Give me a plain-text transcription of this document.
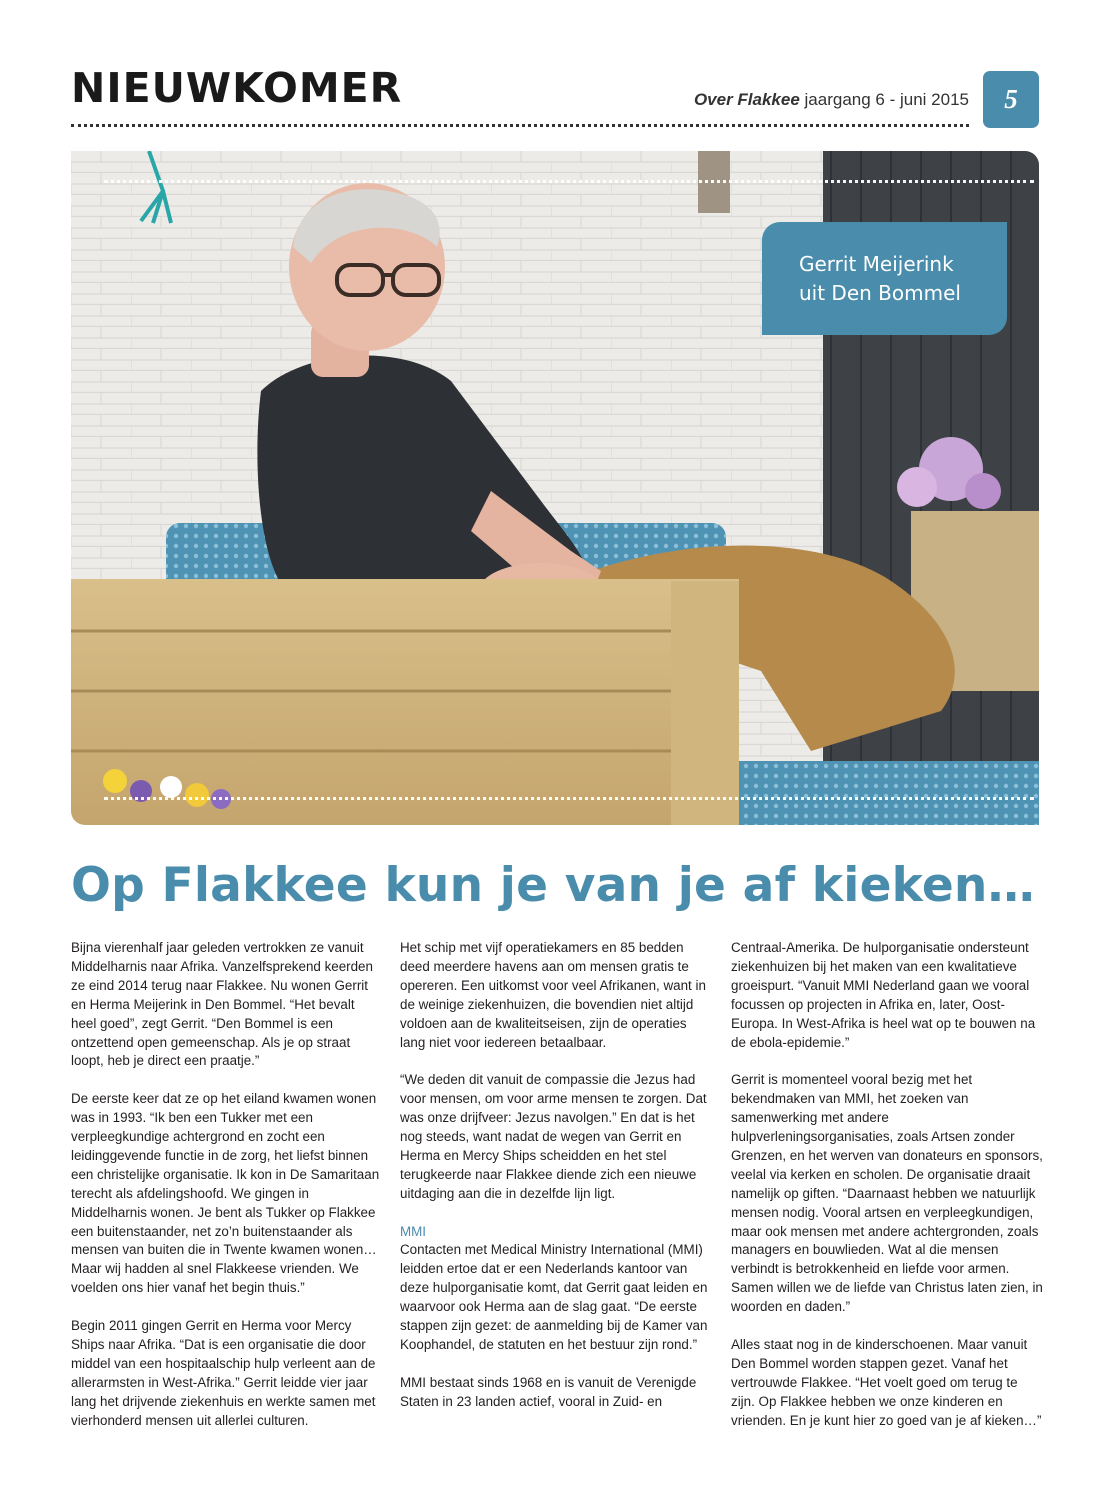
NIEUWKOMER	Over Flakkee jaargang 6 - juni 2015	5
Gerrit Meijerink
uit Den Bommel
Op Flakkee kun je van je af kieken…

Bijna vierenhalf jaar geleden vertrokken ze vanuit Middelharnis naar Afrika. Vanzelfsprekend keerden ze eind 2014 terug naar Flakkee. Nu wonen Gerrit en Herma Meijerink in Den Bommel. “Het bevalt heel goed”, zegt Gerrit. “Den Bommel is een ontzettend open gemeenschap. Als je op straat loopt, heb je direct een praatje.”

De eerste keer dat ze op het eiland kwamen wonen was in 1993. “Ik ben een Tukker met een verpleegkundige achtergrond en zocht een leidinggevende functie in de zorg, het liefst binnen een christelijke organisatie. Ik kon in De Samaritaan terecht als afdelingshoofd. We gingen in Middelharnis wonen. Je bent als Tukker op Flakkee een buitenstaander, net zo’n buitenstaander als mensen van buiten die in Twente kwamen wonen… Maar wij hadden al snel Flakkeese vrienden. We voelden ons hier vanaf het begin thuis.”

Begin 2011 gingen Gerrit en Herma voor Mercy Ships naar Afrika. “Dat is een organisatie die door middel van een hospitaalschip hulp verleent aan de allerarmsten in West-Afrika.” Gerrit leidde vier jaar lang het drijvende ziekenhuis en werkte samen met vierhonderd mensen uit allerlei culturen.

Het schip met vijf operatiekamers en 85 bedden deed meerdere havens aan om mensen gratis te opereren. Een uitkomst voor veel Afrikanen, want in de weinige ziekenhuizen, die bovendien niet altijd voldoen aan de kwaliteitseisen, zijn de operaties lang niet voor iedereen betaalbaar.

“We deden dit vanuit de compassie die Jezus had voor mensen, om voor arme mensen te zorgen. Dat was onze drijfveer: Jezus navolgen.” En dat is het nog steeds, want nadat de wegen van Gerrit en Herma en Mercy Ships scheidden en het stel terugkeerde naar Flakkee diende zich een nieuwe uitdaging aan die in dezelfde lijn ligt.

MMI

Contacten met Medical Ministry International (MMI) leidden ertoe dat er een Nederlands kantoor van deze hulporganisatie komt, dat Gerrit gaat leiden en waarvoor ook Herma aan de slag gaat. “De eerste stappen zijn gezet: de aanmelding bij de Kamer van Koophandel, de statuten en het bestuur zijn rond.”

MMI bestaat sinds 1968 en is vanuit de Verenigde Staten in 23 landen actief, vooral in Zuid- en

Centraal-Amerika. De hulporganisatie ondersteunt ziekenhuizen bij het maken van een kwalitatieve groeispurt. “Vanuit MMI Nederland gaan we vooral focussen op projecten in Afrika en, later, Oost-Europa. In West-Afrika is heel wat op te bouwen na de ebola-epidemie.”

Gerrit is momenteel vooral bezig met het bekendmaken van MMI, het zoeken van samenwerking met andere hulpverleningsorganisaties, zoals Artsen zonder Grenzen, en het werven van donateurs en sponsors, veelal via kerken en scholen. De organisatie draait namelijk op giften. “Daarnaast hebben we natuurlijk mensen nodig. Vooral artsen en verpleegkundigen, maar ook mensen met andere achtergronden, zoals managers en bouwlieden. Wat al die mensen verbindt is betrokkenheid en liefde voor armen. Samen willen we de liefde van Christus laten zien, in woorden en daden.”

Alles staat nog in de kinderschoenen. Maar vanuit Den Bommel worden stappen gezet. Vanaf het vertrouwde Flakkee. “Het voelt goed om terug te zijn. Op Flakkee hebben we onze kinderen en vrienden. En je kunt hier zo goed van je af kieken…”
